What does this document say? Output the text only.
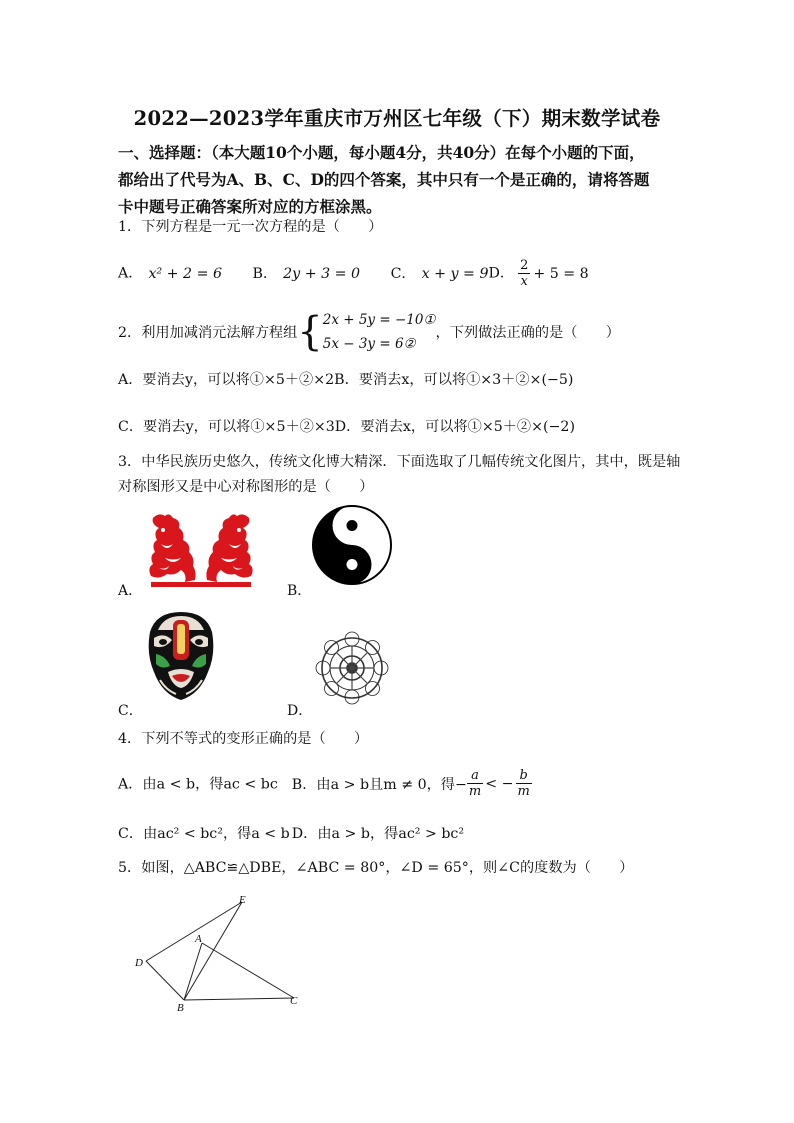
2022—2023学年重庆市万州区七年级（下）期末数学试卷
一、选择题：（本大题10个小题，每小题4分，共40分）在每个小题的下面，
都给出了代号为A、B、C、D的四个答案，其中只有一个是正确的，请将答题
卡中题号正确答案所对应的方框涂黑。
1．下列方程是一元一次方程的是（　　）
A． x² + 2 = 6 B． 2y + 3 = 0 C． x + y = 9D． $\frac{2}{x} + 5 = 8$
2．利用加减消元法解方程组{ 2x + 5y = −10①
5x − 3y = 6②
，下列做法正确的是（　　）
A．要消去y，可以将①×5＋②×2B．要消去x，可以将①×3＋②×(−5)
C．要消去y，可以将①×5＋②×3D．要消去x，可以将①×5＋②×(−2)
3．中华民族历史悠久，传统文化博大精深．下面选取了几幅传统文化图片，其中，既是轴
对称图形又是中心对称图形的是（　　）
A．	B．
C．	D．
4．下列不等式的变形正确的是（　　）
A．由a < b，得ac < bc B．由a > b且m ≠ 0，得− $\frac{a}{m}$ < − $\frac{b}{m}$
C．由ac² < bc²，得a < b D．由a > b，得ac² > bc²
5．如图，△ABC≌△DBE，∠ABC = 80°，∠D = 65°，则∠C的度数为（　　）
E
A
D
B
C
